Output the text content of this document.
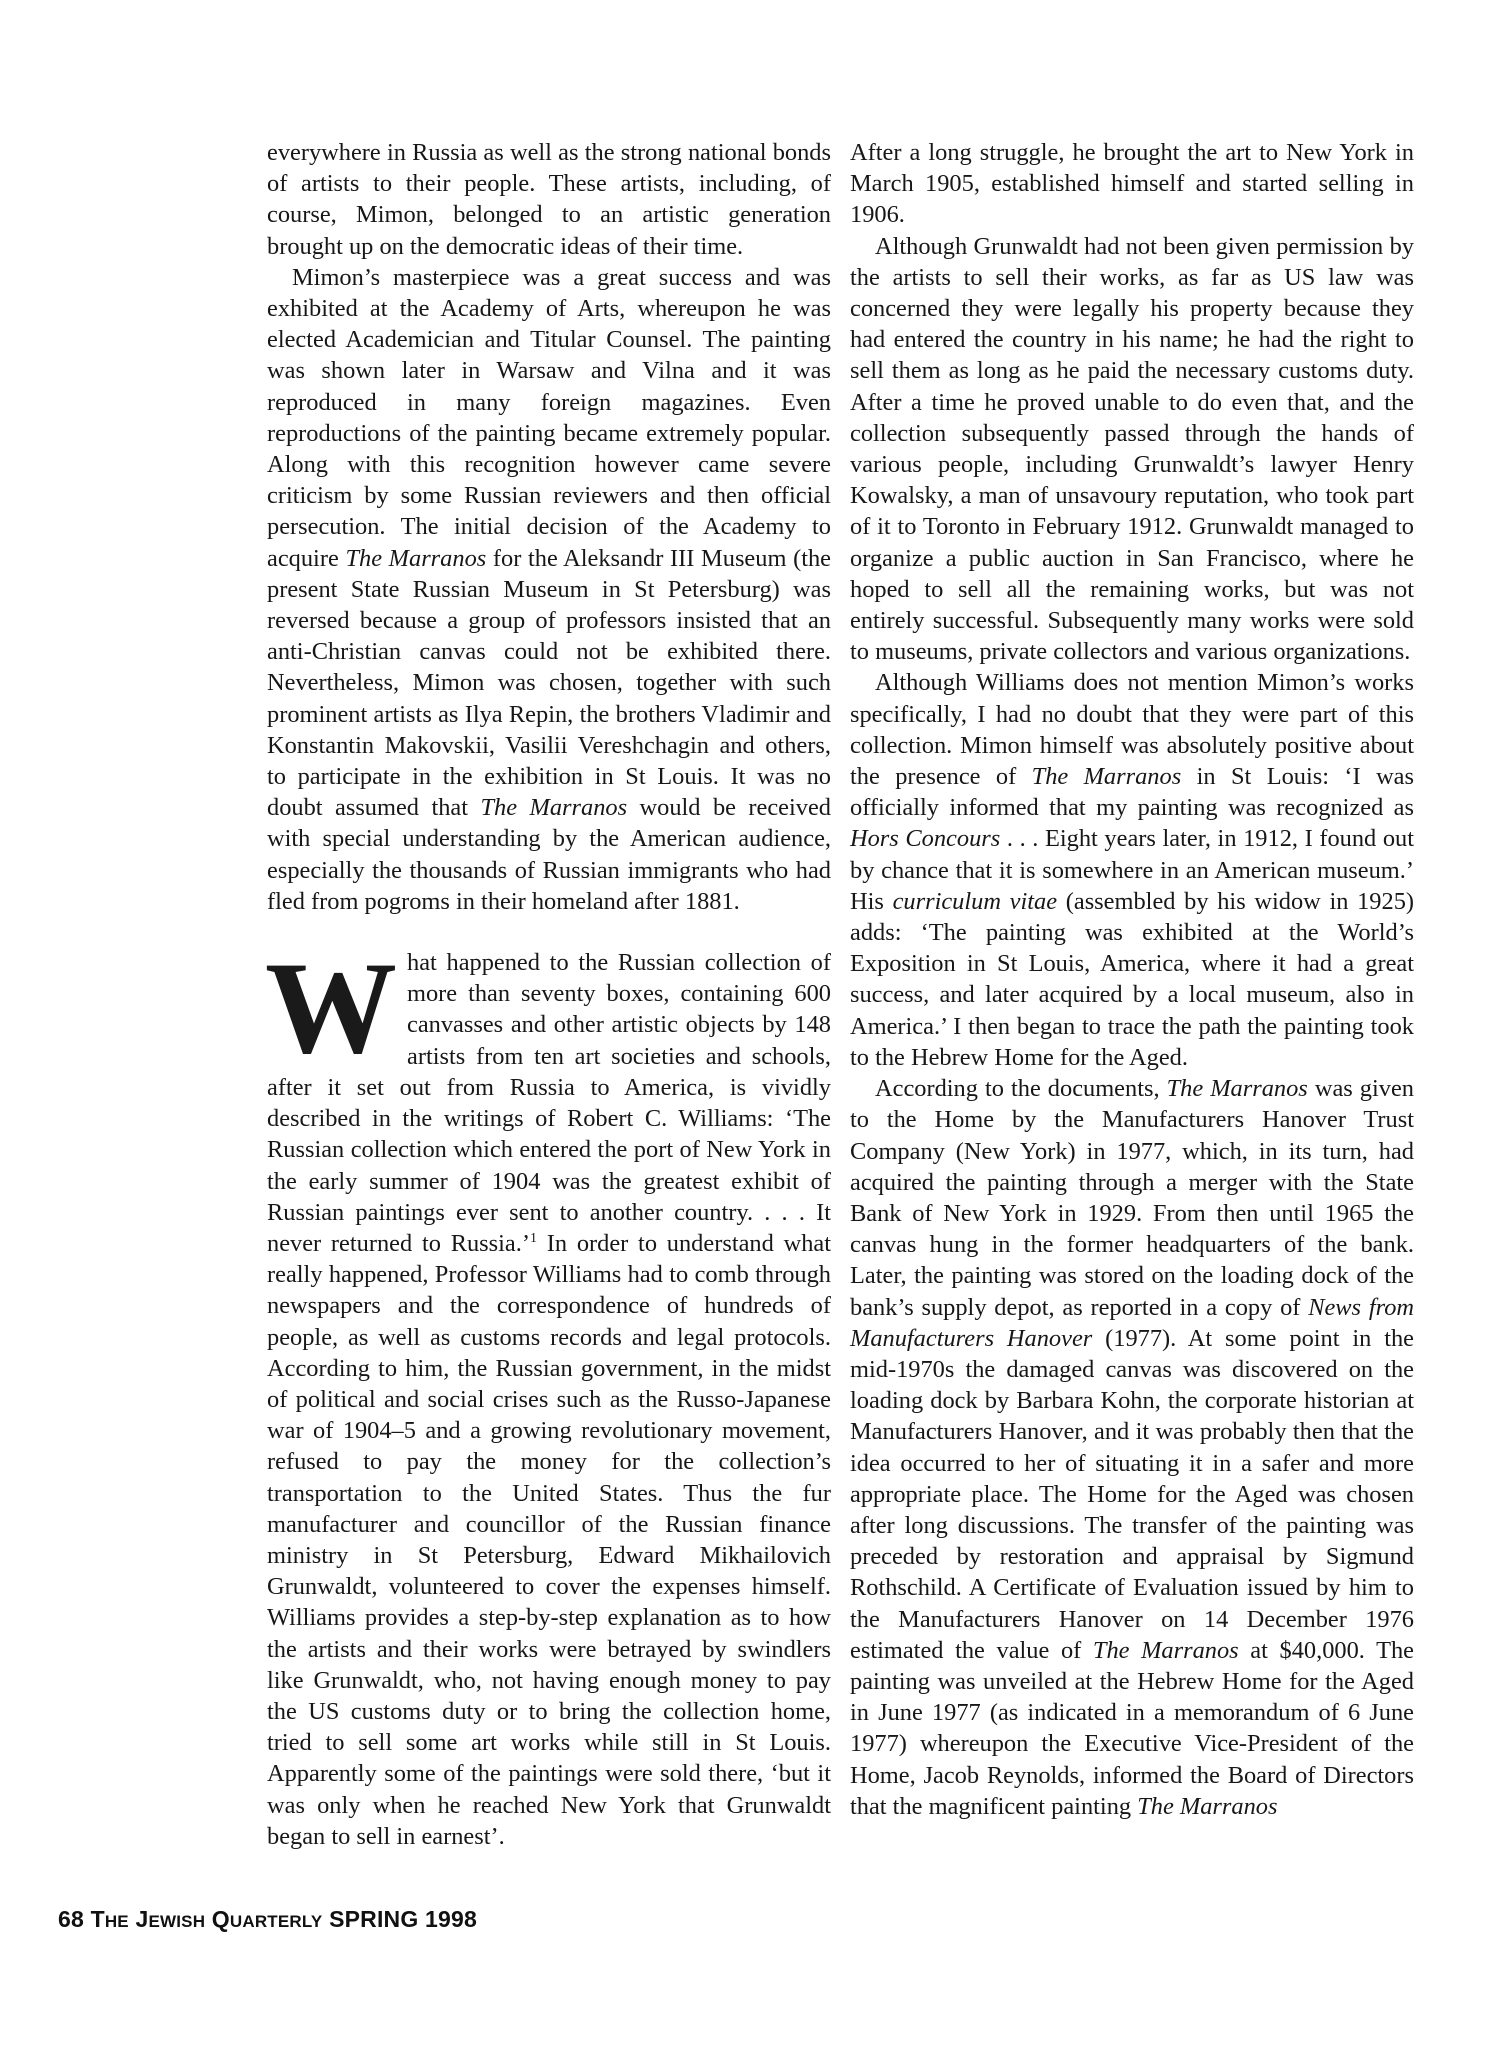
everywhere in Russia as well as the strong national bonds of artists to their people. These artists, including, of course, Mimon, belonged to an artistic generation brought up on the democratic ideas of their time.

Mimon’s masterpiece was a great success and was exhibited at the Academy of Arts, whereupon he was elected Academician and Titular Counsel. The painting was shown later in Warsaw and Vilna and it was reproduced in many foreign magazines. Even reproductions of the painting became extremely popular. Along with this recognition however came severe criticism by some Russian reviewers and then official persecution. The initial decision of the Academy to acquire The Marranos for the Aleksandr III Museum (the present State Russian Museum in St Petersburg) was reversed because a group of professors insisted that an anti-Christian canvas could not be exhibited there. Nevertheless, Mimon was chosen, together with such prominent artists as Ilya Repin, the brothers Vladimir and Konstantin Makovskii, Vasilii Vereshchagin and others, to participate in the exhibition in St Louis. It was no doubt assumed that The Marranos would be received with special understanding by the American audience, especially the thousands of Russian immigrants who had fled from pogroms in their homeland after 1881.

What happened to the Russian collection of more than seventy boxes, containing 600 canvasses and other artistic objects by 148 artists from ten art societies and schools, after it set out from Russia to America, is vividly described in the writings of Robert C. Williams: ‘The Russian collection which entered the port of New York in the early summer of 1904 was the greatest exhibit of Russian paintings ever sent to another country. . . . It never returned to Russia.’$^1$ In order to understand what really happened, Professor Williams had to comb through newspapers and the correspondence of hundreds of people, as well as customs records and legal protocols. According to him, the Russian government, in the midst of political and social crises such as the Russo-Japanese war of 1904–5 and a growing revolutionary movement, refused to pay the money for the collection’s transportation to the United States. Thus the fur manufacturer and councillor of the Russian finance ministry in St Petersburg, Edward Mikhailovich Grunwaldt, volunteered to cover the expenses himself. Williams provides a step-by-step explanation as to how the artists and their works were betrayed by swindlers like Grunwaldt, who, not having enough money to pay the US customs duty or to bring the collection home, tried to sell some art works while still in St Louis. Apparently some of the paintings were sold there, ‘but it was only when he reached New York that Grunwaldt began to sell in earnest’.

After a long struggle, he brought the art to New York in March 1905, established himself and started selling in 1906.

Although Grunwaldt had not been given permission by the artists to sell their works, as far as US law was concerned they were legally his property because they had entered the country in his name; he had the right to sell them as long as he paid the necessary customs duty. After a time he proved unable to do even that, and the collection subsequently passed through the hands of various people, including Grunwaldt’s lawyer Henry Kowalsky, a man of unsavoury reputation, who took part of it to Toronto in February 1912. Grunwaldt managed to organize a public auction in San Francisco, where he hoped to sell all the remaining works, but was not entirely successful. Subsequently many works were sold to museums, private collectors and various organizations.

Although Williams does not mention Mimon’s works specifically, I had no doubt that they were part of this collection. Mimon himself was absolutely positive about the presence of The Marranos in St Louis: ‘I was officially informed that my painting was recognized as Hors Concours . . . Eight years later, in 1912, I found out by chance that it is somewhere in an American museum.’ His curriculum vitae (assembled by his widow in 1925) adds: ‘The painting was exhibited at the World’s Exposition in St Louis, America, where it had a great success, and later acquired by a local museum, also in America.’ I then began to trace the path the painting took to the Hebrew Home for the Aged.

According to the documents, The Marranos was given to the Home by the Manufacturers Hanover Trust Company (New York) in 1977, which, in its turn, had acquired the painting through a merger with the State Bank of New York in 1929. From then until 1965 the canvas hung in the former headquarters of the bank. Later, the painting was stored on the loading dock of the bank’s supply depot, as reported in a copy of News from Manufacturers Hanover (1977). At some point in the mid-1970s the damaged canvas was discovered on the loading dock by Barbara Kohn, the corporate historian at Manufacturers Hanover, and it was probably then that the idea occurred to her of situating it in a safer and more appropriate place. The Home for the Aged was chosen after long discussions. The transfer of the painting was preceded by restoration and appraisal by Sigmund Rothschild. A Certificate of Evaluation issued by him to the Manufacturers Hanover on 14 December 1976 estimated the value of The Marranos at $40,000. The painting was unveiled at the Hebrew Home for the Aged in June 1977 (as indicated in a memorandum of 6 June 1977) whereupon the Executive Vice-President of the Home, Jacob Reynolds, informed the Board of Directors that the magnificent painting The Marranos

68 THE JEWISH QUARTERLY SPRING 1998
